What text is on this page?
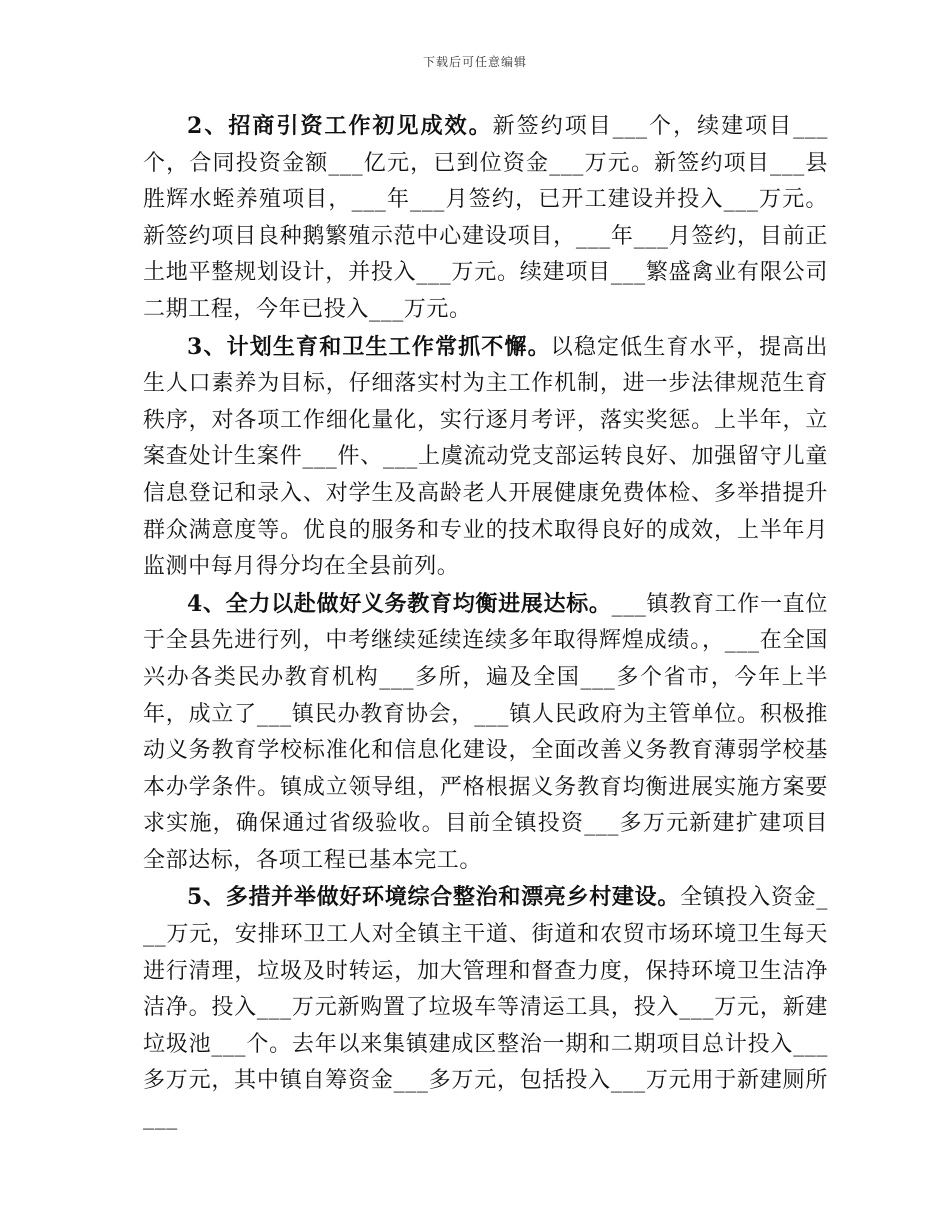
下载后可任意编辑

2、招商引资工作初见成效。新签约项目___个，续建项目___个，合同投资金额___亿元，已到位资金___万元。新签约项目___县胜辉水蛭养殖项目，___年___月签约，已开工建设并投入___万元。新签约项目良种鹅繁殖示范中心建设项目，___年___月签约，目前正土地平整规划设计，并投入___万元。续建项目___繁盛禽业有限公司二期工程，今年已投入___万元。

3、计划生育和卫生工作常抓不懈。以稳定低生育水平，提高出生人口素养为目标，仔细落实村为主工作机制，进一步法律规范生育秩序，对各项工作细化量化，实行逐月考评，落实奖惩。上半年，立案查处计生案件___件、___上虞流动党支部运转良好、加强留守儿童信息登记和录入、对学生及高龄老人开展健康免费体检、多举措提升群众满意度等。优良的服务和专业的技术取得良好的成效，上半年月监测中每月得分均在全县前列。

4、全力以赴做好义务教育均衡进展达标。___镇教育工作一直位于全县先进行列，中考继续延续连续多年取得辉煌成绩。，___在全国兴办各类民办教育机构___多所，遍及全国___多个省市，今年上半年，成立了___镇民办教育协会，___镇人民政府为主管单位。积极推动义务教育学校标准化和信息化建设，全面改善义务教育薄弱学校基本办学条件。镇成立领导组，严格根据义务教育均衡进展实施方案要求实施，确保通过省级验收。目前全镇投资___多万元新建扩建项目全部达标，各项工程已基本完工。

5、多措并举做好环境综合整治和漂亮乡村建设。全镇投入资金___万元，安排环卫工人对全镇主干道、街道和农贸市场环境卫生每天进行清理，垃圾及时转运，加大管理和督查力度，保持环境卫生洁净洁净。投入___万元新购置了垃圾车等清运工具，投入___万元，新建垃圾池___个。去年以来集镇建成区整治一期和二期项目总计投入___多万元，其中镇自筹资金___多万元，包括投入___万元用于新建厕所___
